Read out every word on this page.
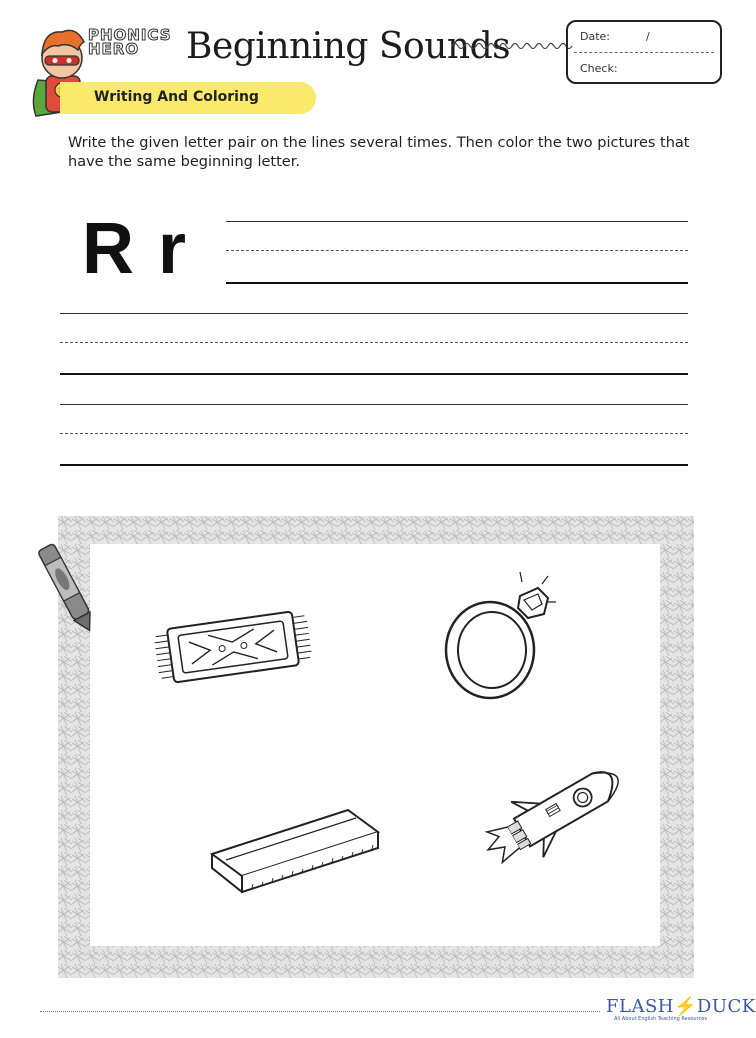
PHONICS
HERO	Beginning Sounds	Date:	/
Check:
Writing And Coloring
Write the given letter pair on the lines several times. Then color the two pictures that have the same beginning letter.
R r
FLASH⚡DUCK
All About English Teaching Resources
